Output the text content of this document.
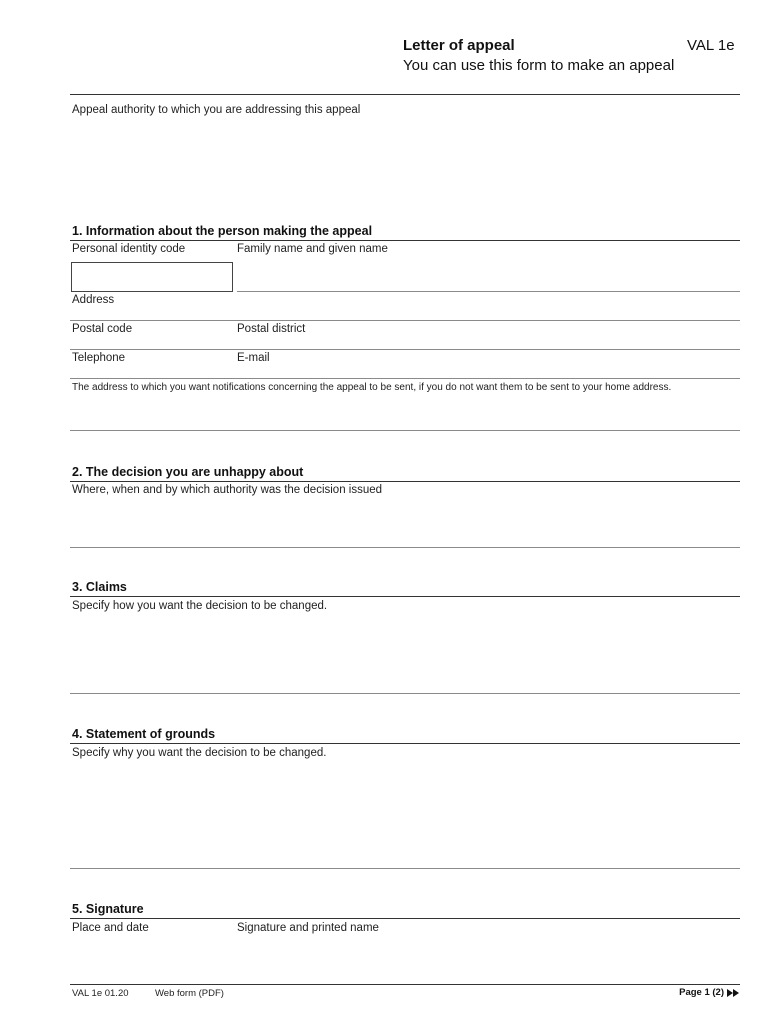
Letter of appeal	VAL 1e
You can use this form to make an appeal
Appeal authority to which you are addressing this appeal
1. Information about the person making the appeal
Personal identity code	Family name and given name
Address
Postal code	Postal district
Telephone	E-mail
The address to which you want notifications concerning the appeal to be sent, if you do not want them to be sent to your home address.
2. The decision you are unhappy about
Where, when and by which authority was the decision issued
3. Claims
Specify how you want the decision to be changed.
4. Statement of grounds
Specify why you want the decision to be changed.
5. Signature
Place and date	Signature and printed name
VAL 1e 01.20	Web form (PDF)	Page 1 (2)
